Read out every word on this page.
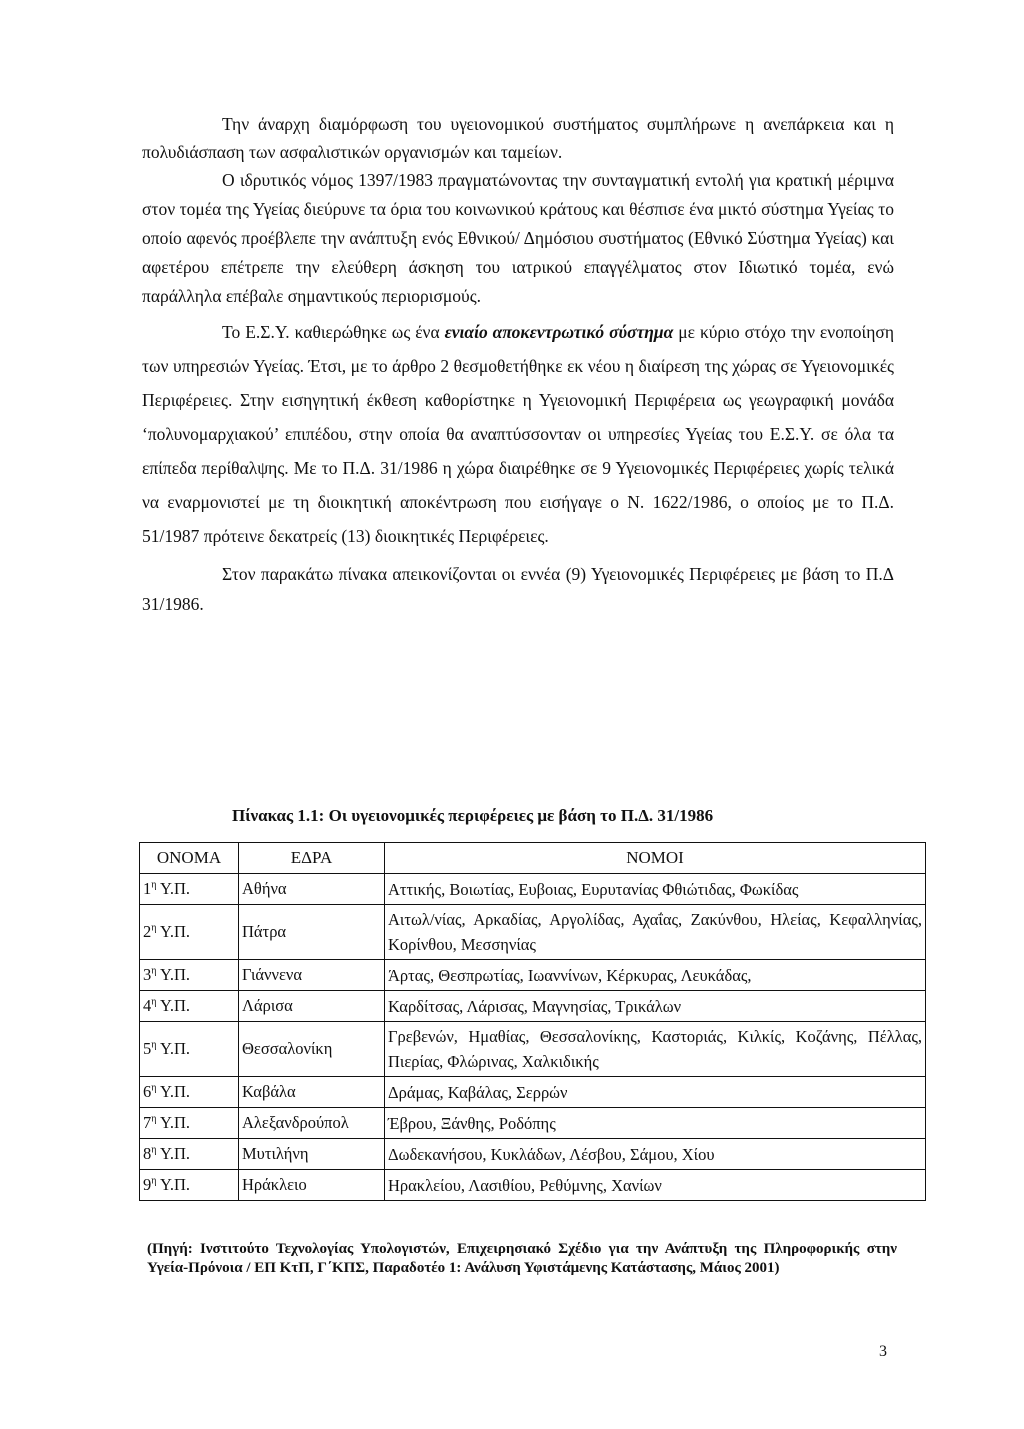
Την άναρχη διαμόρφωση του υγειονομικού συστήματος συμπλήρωνε η ανεπάρκεια και η πολυδιάσπαση των ασφαλιστικών οργανισμών και ταμείων.

Ο ιδρυτικός νόμος 1397/1983 πραγματώνοντας την συνταγματική εντολή για κρατική μέριμνα στον τομέα της Υγείας διεύρυνε τα όρια του κοινωνικού κράτους και θέσπισε ένα μικτό σύστημα Υγείας το οποίο αφενός προέβλεπε την ανάπτυξη ενός Εθνικού/ Δημόσιου συστήματος (Εθνικό Σύστημα Υγείας) και αφετέρου επέτρεπε την ελεύθερη άσκηση του ιατρικού επαγγέλματος στον Ιδιωτικό τομέα, ενώ παράλληλα επέβαλε σημαντικούς περιορισμούς.

Το Ε.Σ.Υ. καθιερώθηκε ως ένα ενιαίο αποκεντρωτικό σύστημα με κύριο στόχο την ενοποίηση των υπηρεσιών Υγείας. Έτσι, με το άρθρο 2 θεσμοθετήθηκε εκ νέου η διαίρεση της χώρας σε Υγειονομικές Περιφέρειες. Στην εισηγητική έκθεση καθορίστηκε η Υγειονομική Περιφέρεια ως γεωγραφική μονάδα ‘πολυνομαρχιακού’ επιπέδου, στην οποία θα αναπτύσσονταν οι υπηρεσίες Υγείας του Ε.Σ.Υ. σε όλα τα επίπεδα περίθαλψης. Με το Π.Δ. 31/1986 η χώρα διαιρέθηκε σε 9 Υγειονομικές Περιφέρειες χωρίς τελικά να εναρμονιστεί με τη διοικητική αποκέντρωση που εισήγαγε ο Ν. 1622/1986, ο οποίος με το Π.Δ. 51/1987 πρότεινε δεκατρείς (13) διοικητικές Περιφέρειες.

Στον παρακάτω πίνακα απεικονίζονται οι εννέα (9) Υγειονομικές Περιφέρειες με βάση το Π.Δ 31/1986.

Πίνακας 1.1: Οι υγειονομικές περιφέρειες με βάση το Π.Δ. 31/1986
ΟΝΟΜΑ	ΕΔΡΑ	ΝΟΜΟΙ
$1^\eta$ Υ.Π.	Αθήνα	Αττικής, Βοιωτίας, Ευβοιας, Ευρυτανίας Φθιώτιδας, Φωκίδας
$2^\eta$ Υ.Π.	Πάτρα	Αιτωλ/νίας, Αρκαδίας, Αργολίδας, Αχαΐας, Ζακύνθου, Ηλείας, Κεφαλληνίας, Κορίνθου, Μεσσηνίας
$3^\eta$ Υ.Π.	Γιάννενα	Άρτας, Θεσπρωτίας, Ιωαννίνων, Κέρκυρας, Λευκάδας,
$4^\eta$ Υ.Π.	Λάρισα	Καρδίτσας, Λάρισας, Μαγνησίας, Τρικάλων
$5^\eta$ Υ.Π.	Θεσσαλονίκη	Γρεβενών, Ημαθίας, Θεσσαλονίκης, Καστοριάς, Κιλκίς, Κοζάνης, Πέλλας, Πιερίας, Φλώρινας, Χαλκιδικής
$6^\eta$ Υ.Π.	Καβάλα	Δράμας, Καβάλας, Σερρών
$7^\eta$ Υ.Π.	Αλεξανδρούπολ	Έβρου, Ξάνθης, Ροδόπης
$8^\eta$ Υ.Π.	Μυτιλήνη	Δωδεκανήσου, Κυκλάδων, Λέσβου, Σάμου, Χίου
$9^\eta$ Υ.Π.	Ηράκλειο	Ηρακλείου, Λασιθίου, Ρεθύμνης, Χανίων
(Πηγή: Ινστιτούτο Τεχνολογίας Υπολογιστών, Επιχειρησιακό Σχέδιο για την Ανάπτυξη της Πληροφορικής στην Υγεία-Πρόνοια / ΕΠ ΚτΠ, Γ΄ΚΠΣ, Παραδοτέο 1: Ανάλυση Υφιστάμενης Κατάστασης, Μάιος 2001)
3
